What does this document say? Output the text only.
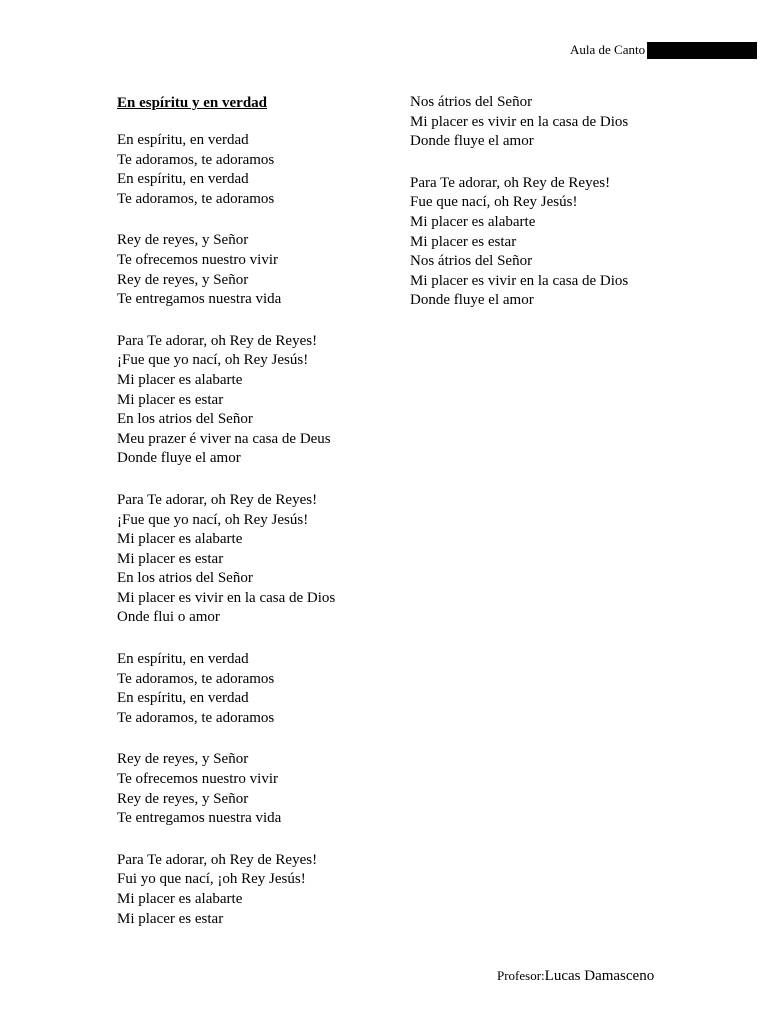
Aula de Canto
En espíritu y en verdad
En espíritu, en verdad
Te adoramos, te adoramos
En espíritu, en verdad
Te adoramos, te adoramos
Rey de reyes, y Señor
Te ofrecemos nuestro vivir
Rey de reyes, y Señor
Te entregamos nuestra vida
Para Te adorar, oh Rey de Reyes!
¡Fue que yo nací, oh Rey Jesús!
Mi placer es alabarte
Mi placer es estar
En los atrios del Señor
Meu prazer é viver na casa de Deus
Donde fluye el amor
Para Te adorar, oh Rey de Reyes!
¡Fue que yo nací, oh Rey Jesús!
Mi placer es alabarte
Mi placer es estar
En los atrios del Señor
Mi placer es vivir en la casa de Dios
Onde flui o amor
En espíritu, en verdad
Te adoramos, te adoramos
En espíritu, en verdad
Te adoramos, te adoramos
Rey de reyes, y Señor
Te ofrecemos nuestro vivir
Rey de reyes, y Señor
Te entregamos nuestra vida
Para Te adorar, oh Rey de Reyes!
Fui yo que nací, ¡oh Rey Jesús!
Mi placer es alabarte
Mi placer es estar
Nos átrios del Señor
Mi placer es vivir en la casa de Dios
Donde fluye el amor
Para Te adorar, oh Rey de Reyes!
Fue que nací, oh Rey Jesús!
Mi placer es alabarte
Mi placer es estar
Nos átrios del Señor
Mi placer es vivir en la casa de Dios
Donde fluye el amor
Profesor:Lucas Damasceno
